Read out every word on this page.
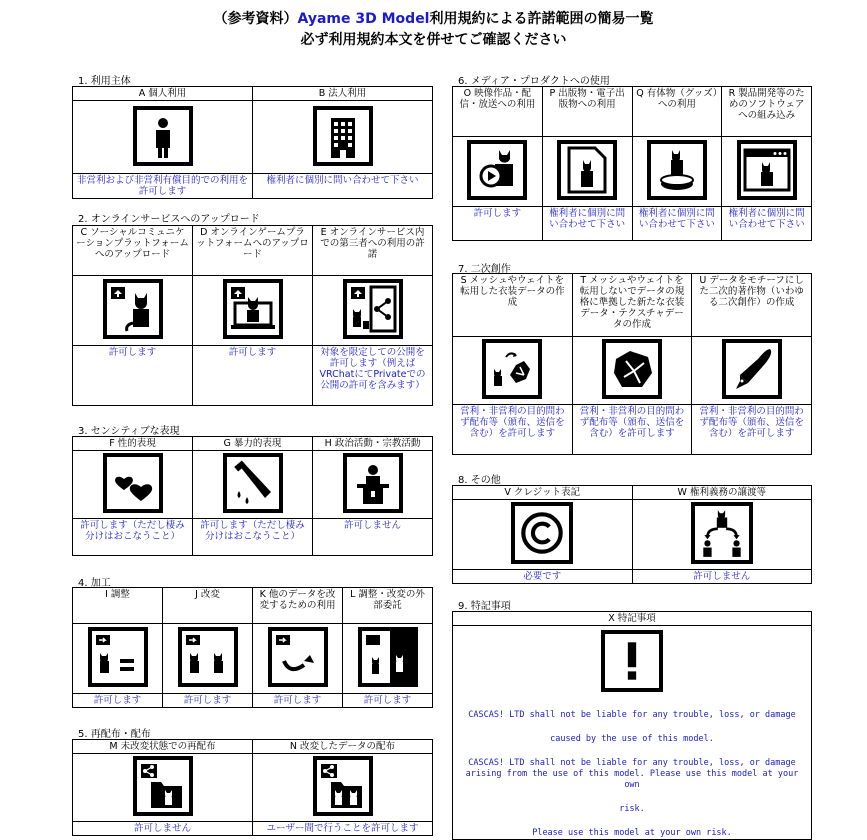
（参考資料）Ayame 3D Model利用規約による許諾範囲の簡易一覧
必ず利用規約本文を併せてご確認ください
1. 利用主体
A 個人利用	B 法人利用

非営利および非営利有償目的での利用を許可します	権利者に個別に問い合わせて下さい
2. オンラインサービスへのアップロード
C ソーシャルコミュニケーションプラットフォームへのアップロード	D オンラインゲームプラットフォームへのアップロード	E オンラインサービス内での第三者への利用の許諾

許可します	許可します	対象を限定しての公開を許可します（例えばVRChatにてPrivateでの公開の許可を含みます）
3. センシティブな表現
F 性的表現	G 暴力的表現	H 政治活動・宗教活動

許可します（ただし棲み分けはおこなうこと）	許可します（ただし棲み分けはおこなうこと）	許可しません
4. 加工
I 調整	J 改変	K 他のデータを改変するための利用	L 調整・改変の外部委託

許可します	許可します	許可します	許可します
5. 再配布・配布
M 未改変状態での再配布	N 改変したデータの配布

許可しません	ユーザー間で行うことを許可します
6. メディア・プロダクトへの使用
O 映像作品・配信・放送への利用	P 出版物・電子出版物への利用	Q 有体物（グッズ）への利用	R 製品開発等のためのソフトウェアへの組み込み

許可します	権利者に個別に問い合わせて下さい	権利者に個別に問い合わせて下さい	権利者に個別に問い合わせて下さい
7. 二次創作
S メッシュやウェイトを転用した衣装データの作成	T メッシュやウェイトを転用しないでデータの規格に準拠した新たな衣装データ・テクスチャデータの作成	U データをモチーフにした二次的著作物（いわゆる二次創作）の作成

営利・非営利の目的問わず配布等（頒布、送信を含む）を許可します	営利・非営利の目的問わず配布等（頒布、送信を含む）を許可します	営利・非営利の目的問わず配布等（頒布、送信を含む）を許可します
8. その他
V クレジット表記	W 権利義務の譲渡等

必要です	許可しません
9. 特記事項
X 特記事項

CASCAS! LTD shall not be liable for any trouble, loss, or damage
caused by the use of this model.
CASCAS! LTD shall not be liable for any trouble, loss, or damage arising from the use of this model. Please use this model at your own
risk.
Please use this model at your own risk.
